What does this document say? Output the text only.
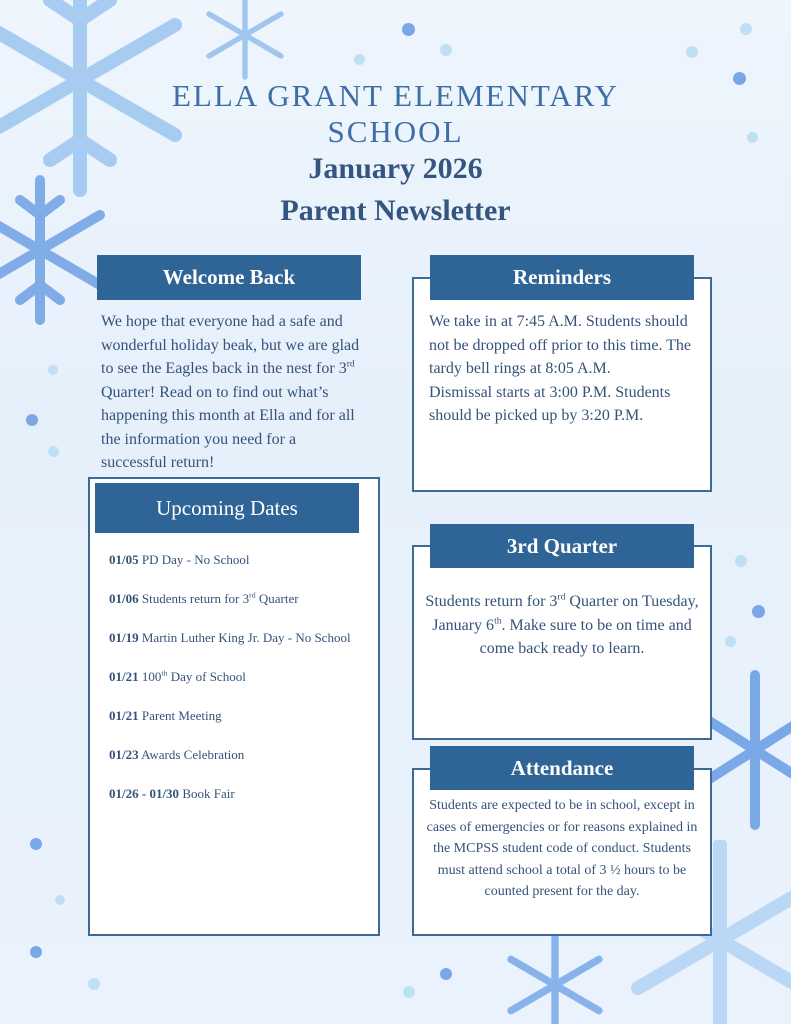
ELLA GRANT ELEMENTARY SCHOOL
January 2026
Parent Newsletter
Welcome Back
We hope that everyone had a safe and wonderful holiday beak, but we are glad to see the Eagles back in the nest for 3rd Quarter! Read on to find out what’s happening this month at Ella and for all the information you need for a successful return!
Reminders
We take in at 7:45 A.M. Students should not be dropped off prior to this time. The tardy bell rings at 8:05 A.M.
Dismissal starts at 3:00 P.M. Students should be picked up by 3:20 P.M.
Upcoming Dates
01/05 PD Day - No School
01/06 Students return for 3rd Quarter
01/19 Martin Luther King Jr. Day - No School
01/21 100th Day of School
01/21 Parent Meeting
01/23 Awards Celebration
01/26 - 01/30 Book Fair
3rd Quarter
Students return for 3rd Quarter on Tuesday, January 6th. Make sure to be on time and come back ready to learn.
Attendance
Students are expected to be in school, except in cases of emergencies or for reasons explained in the MCPSS student code of conduct. Students must attend school a total of 3 ½ hours to be counted present for the day.
